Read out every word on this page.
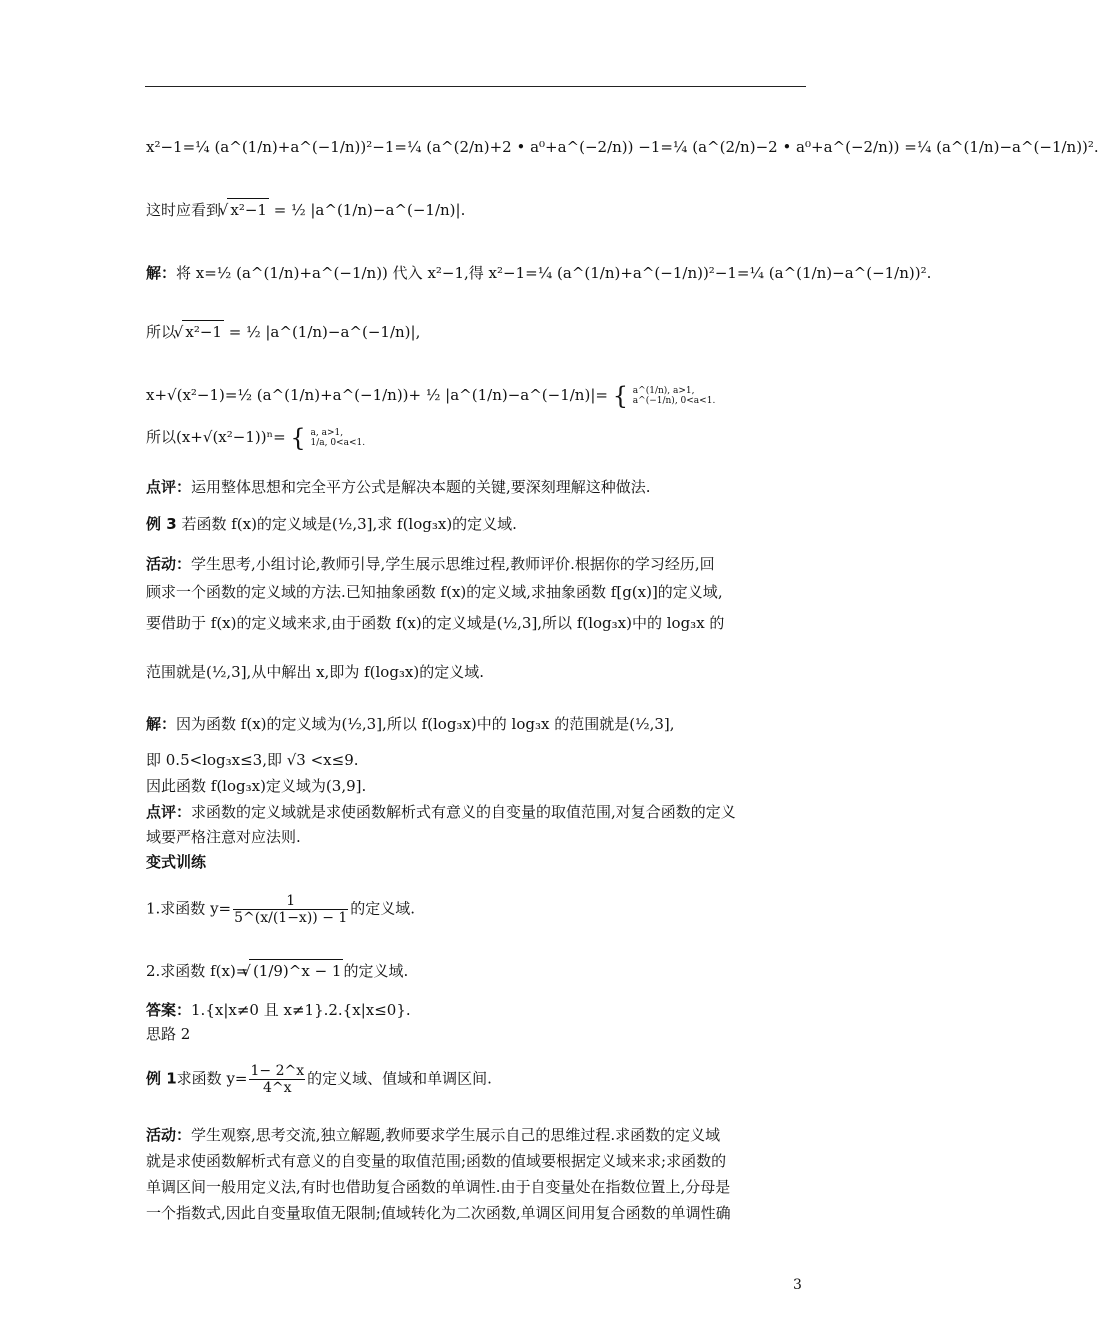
x²−1=¼ (a^(1/n)+a^(−1/n))²−1=¼ (a^(2/n)+2 • a⁰+a^(−2/n)) −1=¼ (a^(2/n)−2 • a⁰+a^(−2/n)) =¼ (a^(1/n)−a^(−1/n))².
这时应看到 √ x²−1 = ½ |a^(1/n)−a^(−1/n)|.
解：将 x=½ (a^(1/n)+a^(−1/n)) 代入 x²−1,得 x²−1=¼ (a^(1/n)+a^(−1/n))²−1=¼ (a^(1/n)−a^(−1/n))².
所以 √ x²−1 = ½ |a^(1/n)−a^(−1/n)|,
x+√(x²−1)=½ (a^(1/n)+a^(−1/n))+ ½ |a^(1/n)−a^(−1/n)|= { a^(1/n), a>1,
a^(−1/n), 0<a<1.
所以(x+√(x²−1))ⁿ= { a, a>1,
1/a, 0<a<1.
点评：运用整体思想和完全平方公式是解决本题的关键,要深刻理解这种做法.
例 3 若函数 f(x)的定义域是(½,3],求 f(log₃x)的定义域.
活动：学生思考,小组讨论,教师引导,学生展示思维过程,教师评价.根据你的学习经历,回
顾求一个函数的定义域的方法.已知抽象函数 f(x)的定义域,求抽象函数 f[g(x)]的定义域,
要借助于 f(x)的定义域来求,由于函数 f(x)的定义域是(½,3],所以 f(log₃x)中的 log₃x 的
范围就是(½,3],从中解出 x,即为 f(log₃x)的定义域.
解：因为函数 f(x)的定义域为(½,3],所以 f(log₃x)中的 log₃x 的范围就是(½,3],
即 0.5<log₃x≤3,即 √3 <x≤9.
因此函数 f(log₃x)定义域为(3,9].
点评：求函数的定义域就是求使函数解析式有意义的自变量的取值范围,对复合函数的定义
域要严格注意对应法则.
变式训练
1.求函数 $y= \frac{1}{5\^{}(x/(1-x)) - 1}$ 的定义域.
2.求函数 f(x)= √ (1/9)^x − 1 的定义域.
答案：1.{x|x≠0 且 x≠1}.2.{x|x≤0}.
思路 2
例 1求函数 $y= \frac{1- 2\^{}x}{4\^{}x}$ 的定义域、值域和单调区间.
活动：学生观察,思考交流,独立解题,教师要求学生展示自己的思维过程.求函数的定义域
就是求使函数解析式有意义的自变量的取值范围;函数的值域要根据定义域来求;求函数的
单调区间一般用定义法,有时也借助复合函数的单调性.由于自变量处在指数位置上,分母是
一个指数式,因此自变量取值无限制;值域转化为二次函数,单调区间用复合函数的单调性确
3
